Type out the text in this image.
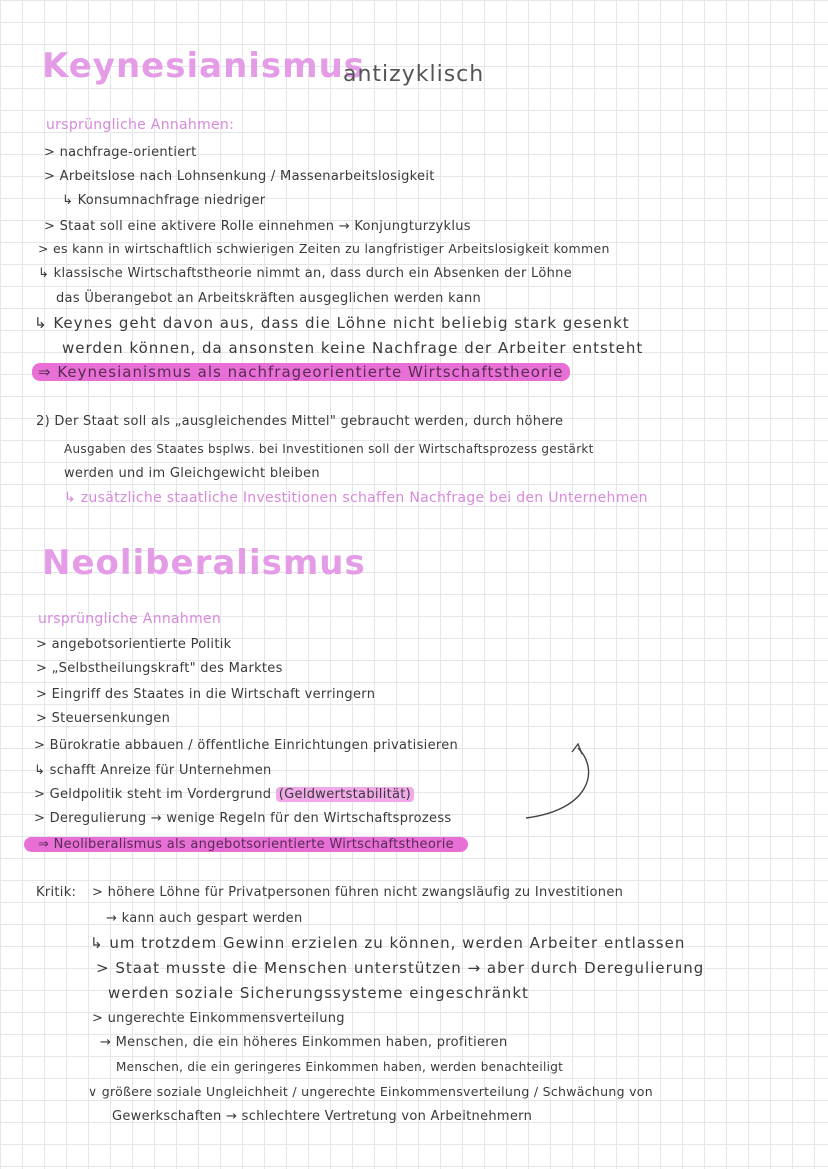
Keynesianismus
antizyklisch
ursprüngliche Annahmen:
> nachfrage-orientiert
> Arbeitslose nach Lohnsenkung / Massenarbeitslosigkeit
↳ Konsumnachfrage niedriger
> Staat soll eine aktivere Rolle einnehmen → Konjungturzyklus
> es kann in wirtschaftlich schwierigen Zeiten zu langfristiger Arbeitslosigkeit kommen
↳ klassische Wirtschaftstheorie nimmt an, dass durch ein Absenken der Löhne
das Überangebot an Arbeitskräften ausgeglichen werden kann
↳ Keynes geht davon aus, dass die Löhne nicht beliebig stark gesenkt
werden können, da ansonsten keine Nachfrage der Arbeiter entsteht
⇒ Keynesianismus als nachfrageorientierte Wirtschaftstheorie
2) Der Staat soll als „ausgleichendes Mittel" gebraucht werden, durch höhere
Ausgaben des Staates bsplws. bei Investitionen soll der Wirtschaftsprozess gestärkt
werden und im Gleichgewicht bleiben
↳ zusätzliche staatliche Investitionen schaffen Nachfrage bei den Unternehmen
Neoliberalismus
ursprüngliche Annahmen
> angebotsorientierte Politik
> „Selbstheilungskraft" des Marktes
> Eingriff des Staates in die Wirtschaft verringern
> Steuersenkungen
> Bürokratie abbauen / öffentliche Einrichtungen privatisieren
↳ schafft Anreize für Unternehmen
> Geldpolitik steht im Vordergrund (Geldwertstabilität)
> Deregulierung → wenige Regeln für den Wirtschaftsprozess
⇒ Neoliberalismus als angebotsorientierte Wirtschaftstheorie
Kritik: > höhere Löhne für Privatpersonen führen nicht zwangsläufig zu Investitionen
→ kann auch gespart werden
↳ um trotzdem Gewinn erzielen zu können, werden Arbeiter entlassen
> Staat musste die Menschen unterstützen → aber durch Deregulierung
werden soziale Sicherungssysteme eingeschränkt
> ungerechte Einkommensverteilung
→ Menschen, die ein höheres Einkommen haben, profitieren
Menschen, die ein geringeres Einkommen haben, werden benachteiligt
∨ größere soziale Ungleichheit / ungerechte Einkommensverteilung / Schwächung von
Gewerkschaften → schlechtere Vertretung von Arbeitnehmern
